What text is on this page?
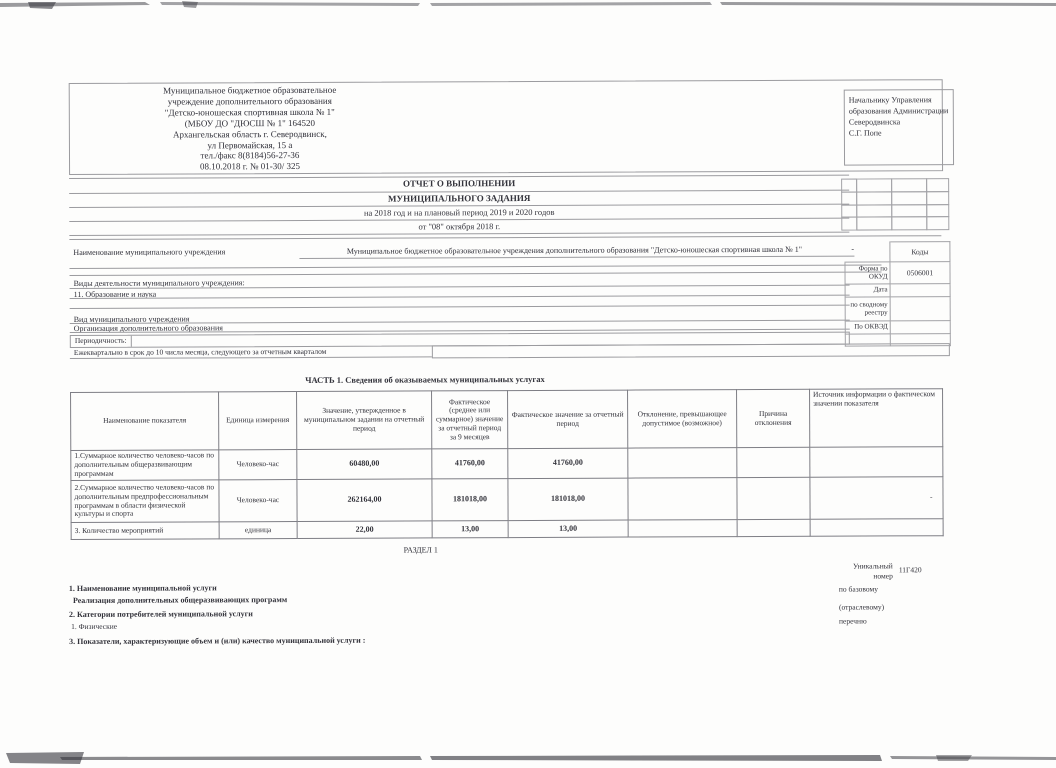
Муниципальное бюджетное образовательное
учреждение дополнительного образования
"Детско-юношеская спортивная школа № 1"
(МБОУ ДО "ДЮСШ № 1" 164520
Архангельская область г. Северодвинск,
ул Первомайская, 15 а
тел./факс 8(8184)56-27-36
08.10.2018 г. № 01-30/ 325
Начальнику Управления
образования Администрации
Северодвинска
С.Г. Попе
ОТЧЕТ О ВЫПОЛНЕНИИ
МУНИЦИПАЛЬНОГО ЗАДАНИЯ
на 2018 год и на плановый период 2019 и 2020 годов
от "08" октября 2018 г.
Наименование муниципального учреждения	Муниципальное бюджетное образовательное учреждения дополнительного образования "Детско-юношеская спортивная школа № 1"	-
Виды деятельности муниципального учреждения:
11. Образование и наука
Вид муниципального учреждения
Организация дополнительного образования
Периодичность:
Ежеквартально в срок до 10 числа месяца, следующего за отчетным кварталом
	Коды
Форма по ОКУД	0506001
Дата	
по сводному реестру	
По ОКВЭД	

ЧАСТЬ 1. Сведения об оказываемых муниципальных услугах
Наименование показателя	Единица измерения	Значение, утвержденное в муниципальном задании на отчетный период	Фактическое (среднее или суммарное) значение за отчетный период за 9 месяцев	Фактическое значение за отчетный период	Отклонение, превышающее допустимое (возможное)	Причина отклонения	Источник информации о фактическом значении показателя
1.Суммарное количество человеко-часов по дополнительным общеразвивающим программам	Человеко-час	60480,00	41760,00	41760,00			
2.Суммарное количество человеко-часов по дополнительным предпрофессиональным программам в области физической культуры и спорта	Человеко-час	262164,00	181018,00	181018,00			-
3. Количество мероприятий	единица	22,00	13,00	13,00			
РАЗДЕЛ 1
1. Наименование муниципальной услуги
Реализация дополнительных общеразвивающих программ
2. Категории потребителей муниципальной услуги
1. Физические
3. Показатели, характеризующие объем и (или) качество муниципальной услуги :
Уникальный
номер
11Г420
по базовому
(отраслевому)
перечню
